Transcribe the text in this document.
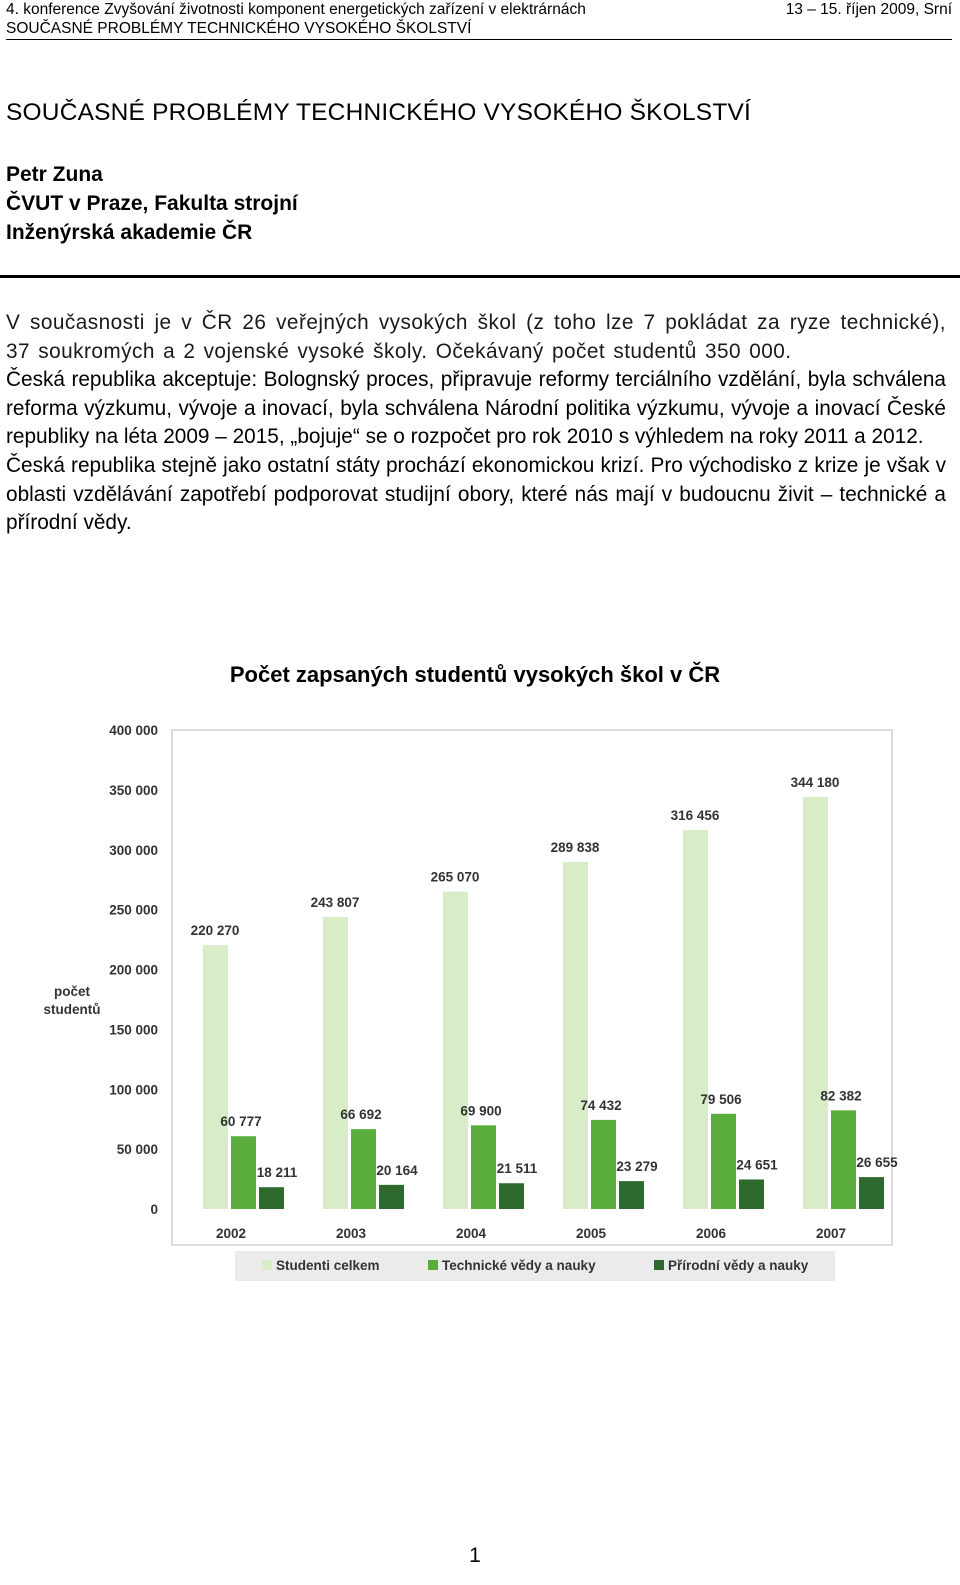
4. konference Zvyšování životnosti komponent energetických zařízení v elektrárnách	13 – 15. říjen 2009, Srní
SOUČASNÉ PROBLÉMY TECHNICKÉHO VYSOKÉHO ŠKOLSTVÍ
SOUČASNÉ PROBLÉMY TECHNICKÉHO VYSOKÉHO ŠKOLSTVÍ
Petr Zuna
ČVUT v Praze, Fakulta strojní
Inženýrská akademie ČR

V současnosti je v ČR 26 veřejných vysokých škol (z toho lze 7 pokládat za ryze technické), 37 soukromých a 2 vojenské vysoké školy. Očekávaný počet studentů 350 000.

Česká republika akceptuje: Bolognský proces, připravuje reformy terciálního vzdělání, byla schválena reforma výzkumu, vývoje a inovací, byla schválena Národní politika výzkumu, vývoje a inovací České republiky na léta 2009 – 2015, „bojuje“ se o rozpočet pro rok 2010 s výhledem na roky 2011 a 2012.

Česká republika stejně jako ostatní státy prochází ekonomickou krizí. Pro východisko z krize je však v oblasti vzdělávání zapotřebí podporovat studijní obory, které nás mají v budoucnu živit – technické a přírodní vědy.

Počet zapsaných studentů vysokých škol v ČR
0
50 000
100 000
150 000
200 000
250 000
300 000
350 000
400 000
počet
studentů
220 270
60 777
18 211
2002
243 807
66 692
20 164
2003
265 070
69 900
21 511
2004
289 838
74 432
23 279
2005
316 456
79 506
24 651
2006
344 180
82 382
26 655
2007
Studenti celkem	Technické vědy a nauky	Přírodní vědy a nauky
1
